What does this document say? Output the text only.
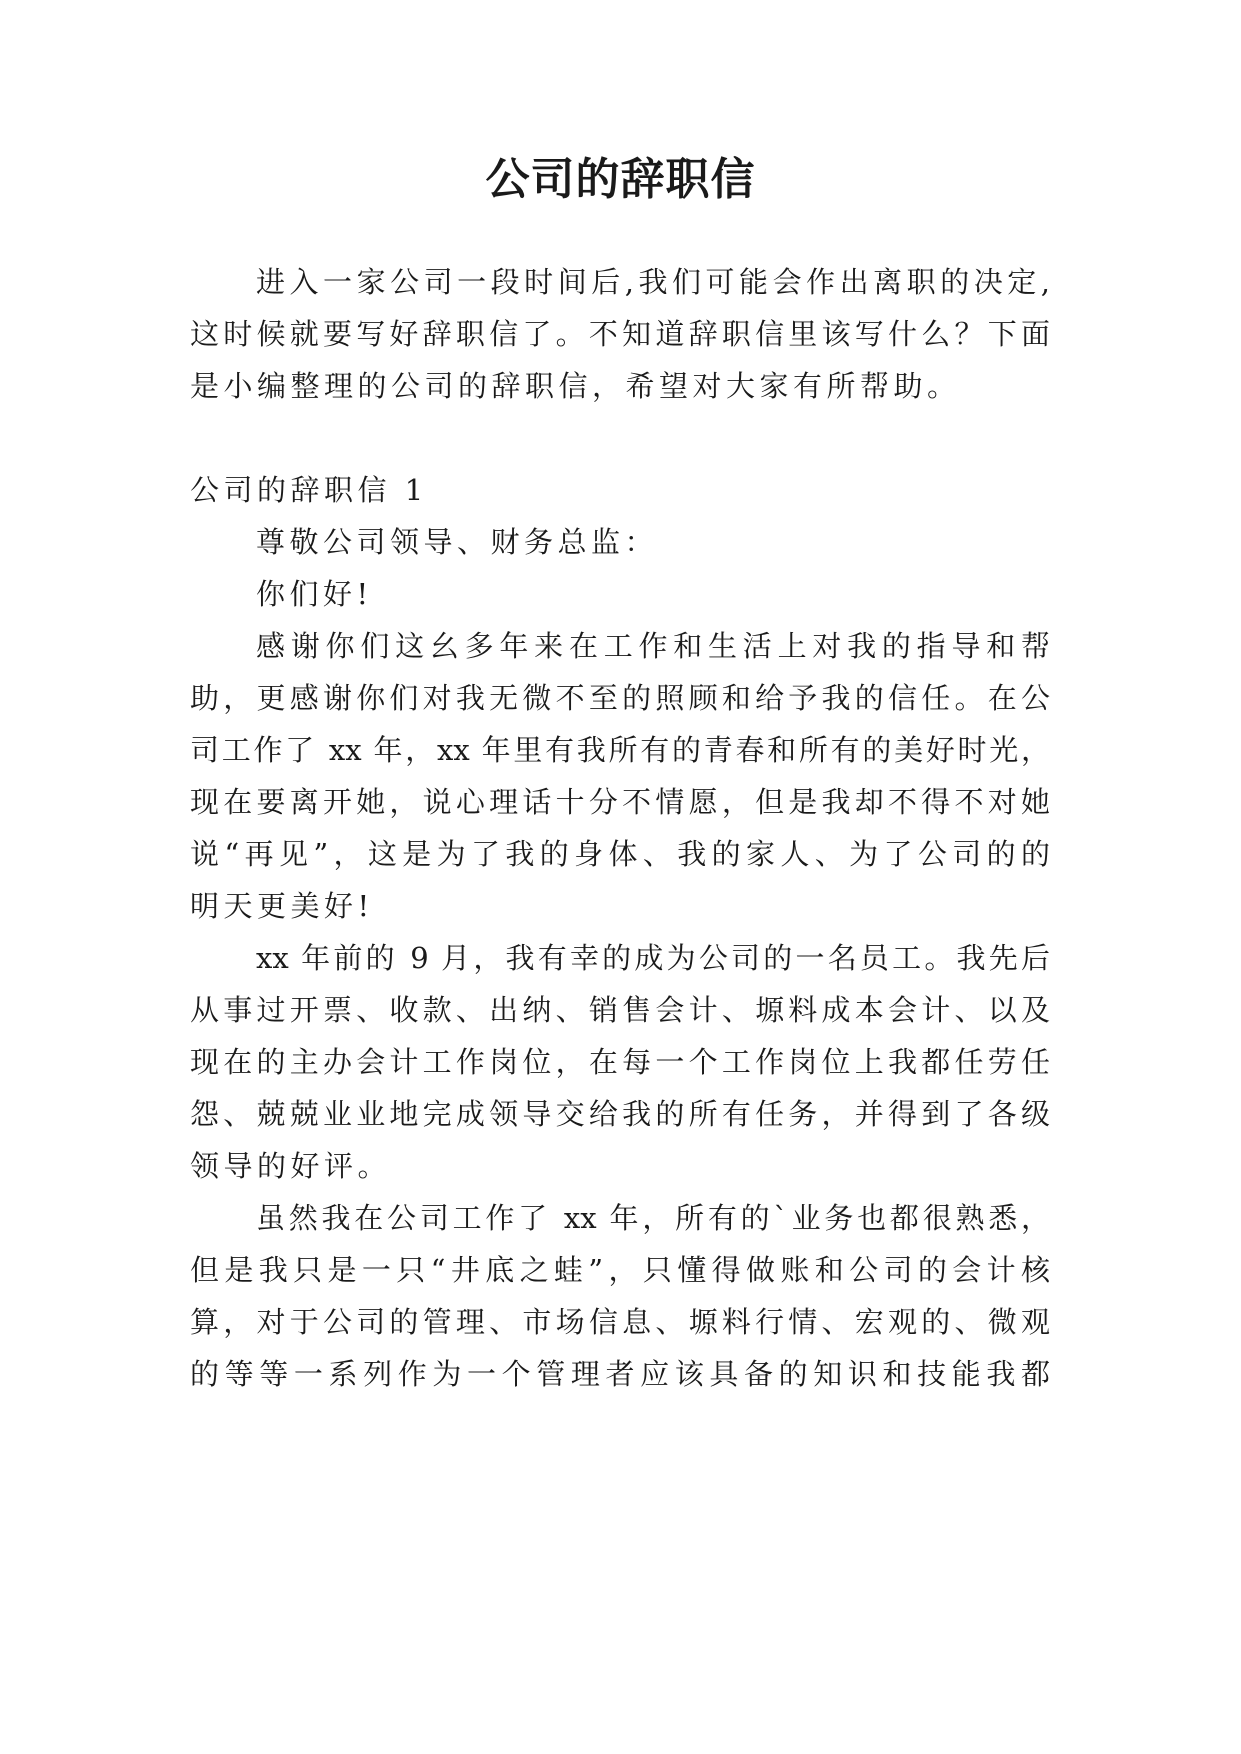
公司的辞职信

进入一家公司一段时间后,我们可能会作出离职的决定,

这时候就要写好辞职信了。不知道辞职信里该写什么？下面

是小编整理的公司的辞职信，希望对大家有所帮助。

公司的辞职信 1

尊敬公司领导、财务总监：

你们好!

感谢你们这幺多年来在工作和生活上对我的指导和帮

助，更感谢你们对我无微不至的照顾和给予我的信任。在公

司工作了 xx 年，xx 年里有我所有的青春和所有的美好时光，

现在要离开她，说心理话十分不情愿，但是我却不得不对她

说“再见”，这是为了我的身体、我的家人、为了公司的的

明天更美好!

xx 年前的 9 月，我有幸的成为公司的一名员工。我先后

从事过开票、收款、出纳、销售会计、塬料成本会计、以及

现在的主办会计工作岗位，在每一个工作岗位上我都任劳任

怨、兢兢业业地完成领导交给我的所有任务，并得到了各级

领导的好评。

虽然我在公司工作了 xx 年，所有的`业务也都很熟悉，

但是我只是一只“井底之蛙”，只懂得做账和公司的会计核

算，对于公司的管理、市场信息、塬料行情、宏观的、微观

的等等一系列作为一个管理者应该具备的知识和技能我都
